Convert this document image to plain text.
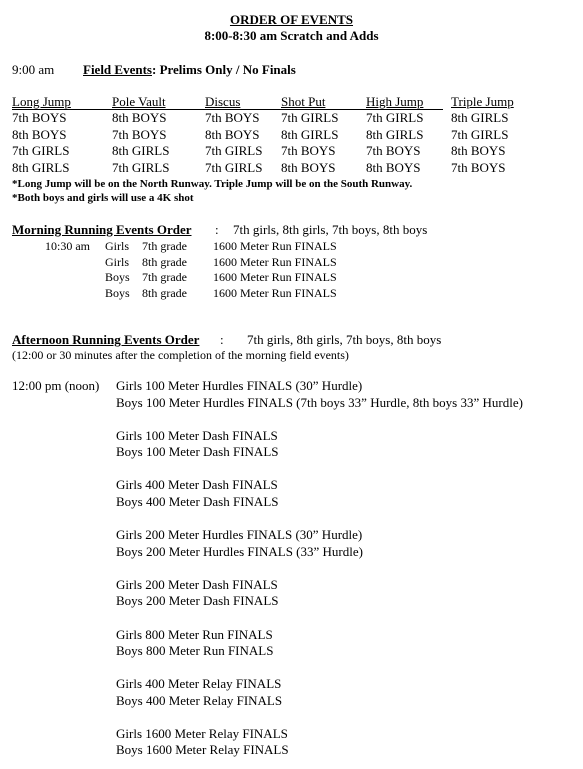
ORDER OF EVENTS
8:00-8:30 am Scratch and Adds
9:00 am Field Events: Prelims Only / No Finals
Long Jump
7th BOYS
8th BOYS
7th GIRLS
8th GIRLS
Pole Vault
8th BOYS
7th BOYS
8th GIRLS
7th GIRLS
Discus
7th BOYS
8th BOYS
7th GIRLS
7th GIRLS
Shot Put
7th GIRLS
8th GIRLS
7th BOYS
8th BOYS
High Jump
7th GIRLS
8th GIRLS
7th BOYS
8th BOYS
Triple Jump
8th GIRLS
7th GIRLS
8th BOYS
7th BOYS
*Long Jump will be on the North Runway. Triple Jump will be on the South Runway.
*Both boys and girls will use a 4K shot
Morning Running Events Order : 7th girls, 8th girls, 7th boys, 8th boys
10:30 am Girls 7th grade 1600 Meter Run FINALS
Girls 8th grade 1600 Meter Run FINALS
Boys 7th grade 1600 Meter Run FINALS
Boys 8th grade 1600 Meter Run FINALS
Afternoon Running Events Order : 7th girls, 8th girls, 7th boys, 8th boys
(12:00 or 30 minutes after the completion of the morning field events)
12:00 pm (noon) Girls 100 Meter Hurdles FINALS (30” Hurdle)
Boys 100 Meter Hurdles FINALS (7th boys 33” Hurdle, 8th boys 33” Hurdle)
Girls 100 Meter Dash FINALS
Boys 100 Meter Dash FINALS
Girls 400 Meter Dash FINALS
Boys 400 Meter Dash FINALS
Girls 200 Meter Hurdles FINALS (30” Hurdle)
Boys 200 Meter Hurdles FINALS (33” Hurdle)
Girls 200 Meter Dash FINALS
Boys 200 Meter Dash FINALS
Girls 800 Meter Run FINALS
Boys 800 Meter Run FINALS
Girls 400 Meter Relay FINALS
Boys 400 Meter Relay FINALS
Girls 1600 Meter Relay FINALS
Boys 1600 Meter Relay FINALS
